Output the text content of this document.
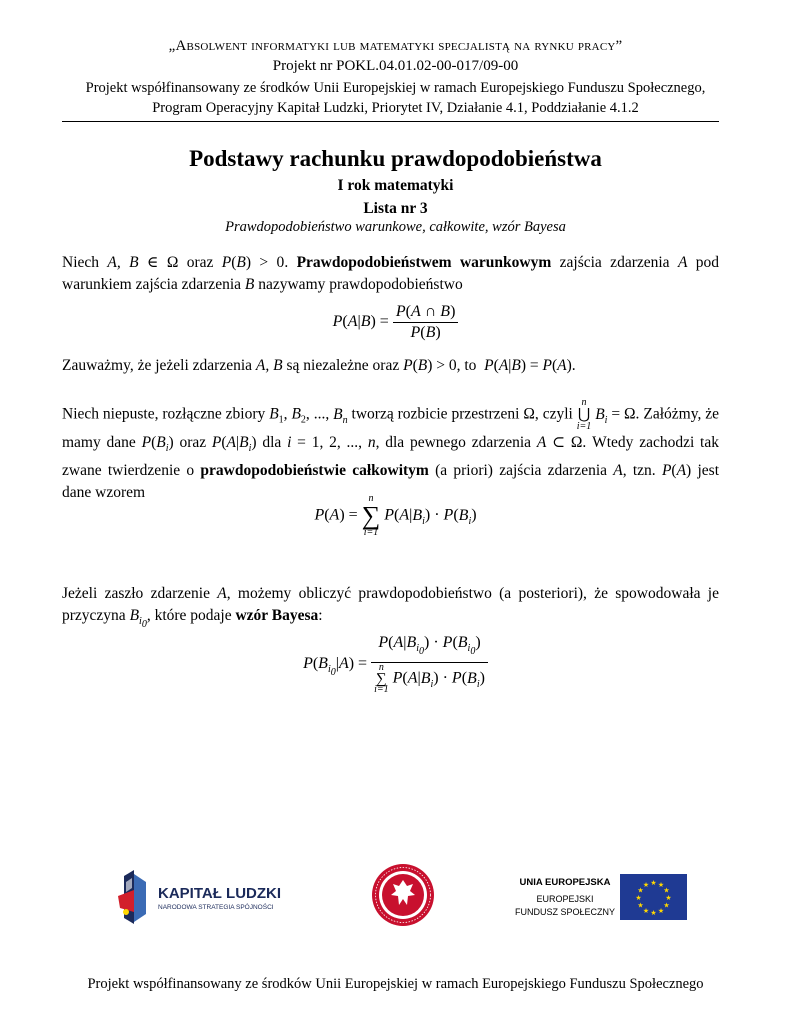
„Absolwent informatyki lub matematyki specjalistą na rynku pracy”
Projekt nr POKL.04.01.02-00-017/09-00
Projekt współfinansowany ze środków Unii Europejskiej w ramach Europejskiego Funduszu Społecznego,
Program Operacyjny Kapitał Ludzki, Priorytet IV, Działanie 4.1, Poddziałanie 4.1.2
Podstawy rachunku prawdopodobieństwa
I rok matematyki
Lista nr 3
Prawdopodobieństwo warunkowe, całkowite, wzór Bayesa
Niech A, B ∈ Ω oraz P(B) > 0. Prawdopodobieństwem warunkowym zajścia zdarzenia A pod warunkiem zajścia zdarzenia B nazywamy prawdopodobieństwo
$P(A|B) = \frac{P(A \cap B)}{P(B)}$
Zauważmy, że jeżeli zdarzenia A, B są niezależne oraz P(B) > 0, to P(A|B) = P(A).
Niech niepuste, rozłączne zbiory $B_1$, $B_2$, ..., $B_n$ tworzą rozbicie przestrzeni Ω, czyli
n
⋃
i=1
$B_i = \Omega$. Załóżmy, że mamy dane $P(B_i)$ oraz $P(A|B_i)$ dla i = 1, 2, ..., n, dla pewnego zdarzenia A ⊂ Ω. Wtedy zachodzi tak zwane twierdzenie o prawdopodobieństwie całkowitym (a priori) zajścia zdarzenia A, tzn. P(A) jest dane wzorem
P(A) =
n
∑
i=1
$P(A|B_i) \cdot P(B_i)$
Jeżeli zaszło zdarzenie A, możemy obliczyć prawdopodobieństwo (a posteriori), że spowodowała je przyczyna $B_{i_0}$, które podaje wzór Bayesa:
$P(B_{i_0}|A) = P(A|B_{i_0}) \cdot P(B_{i_0})$
n
∑
i=1
$P(A|B_i) \cdot P(B_i)$
KAPITAŁ LUDZKI
NARODOWA STRATEGIA SPÓJNOŚCI
UNIA EUROPEJSKA
EUROPEJSKI
FUNDUSZ SPOŁECZNY
★ ★
★
★
★
★
★
★
★
★
★
★
Projekt współfinansowany ze środków Unii Europejskiej w ramach Europejskiego Funduszu Społecznego
